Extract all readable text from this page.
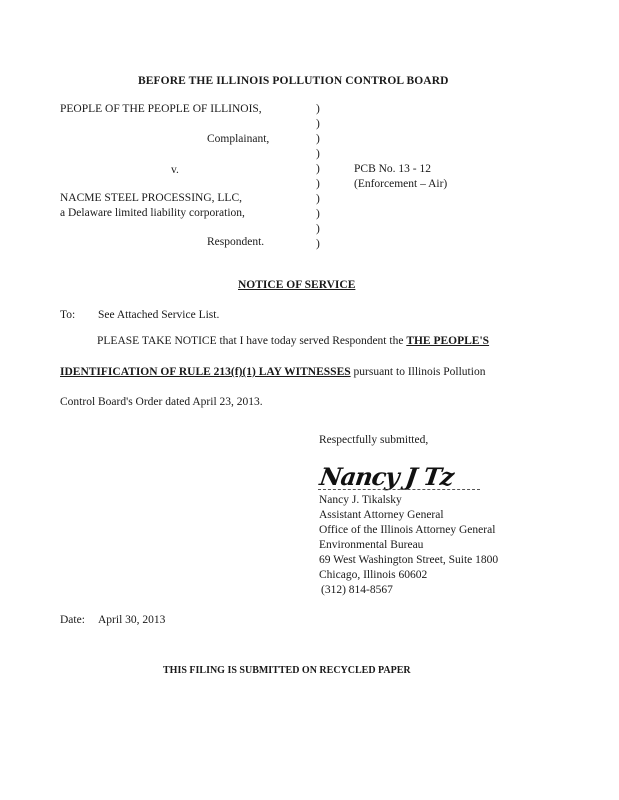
BEFORE THE ILLINOIS POLLUTION CONTROL BOARD
PEOPLE OF THE PEOPLE OF ILLINOIS,
Complainant,
v.
NACME STEEL PROCESSING, LLC,
a Delaware limited liability corporation,
Respondent.
)
)
)
)
)
)
)
)
)
)
PCB No. 13 - 12
(Enforcement – Air)
NOTICE OF SERVICE
To: See Attached Service List.
PLEASE TAKE NOTICE that I have today served Respondent the THE PEOPLE'S
IDENTIFICATION OF RULE 213(f)(1) LAY WITNESSES pursuant to Illinois Pollution
Control Board's Order dated April 23, 2013.
Respectfully submitted,
Nancy J Tz
Nancy J. Tikalsky
Assistant Attorney General
Office of the Illinois Attorney General
Environmental Bureau
69 West Washington Street, Suite 1800
Chicago, Illinois 60602
(312) 814-8567
Date: April 30, 2013
THIS FILING IS SUBMITTED ON RECYCLED PAPER
